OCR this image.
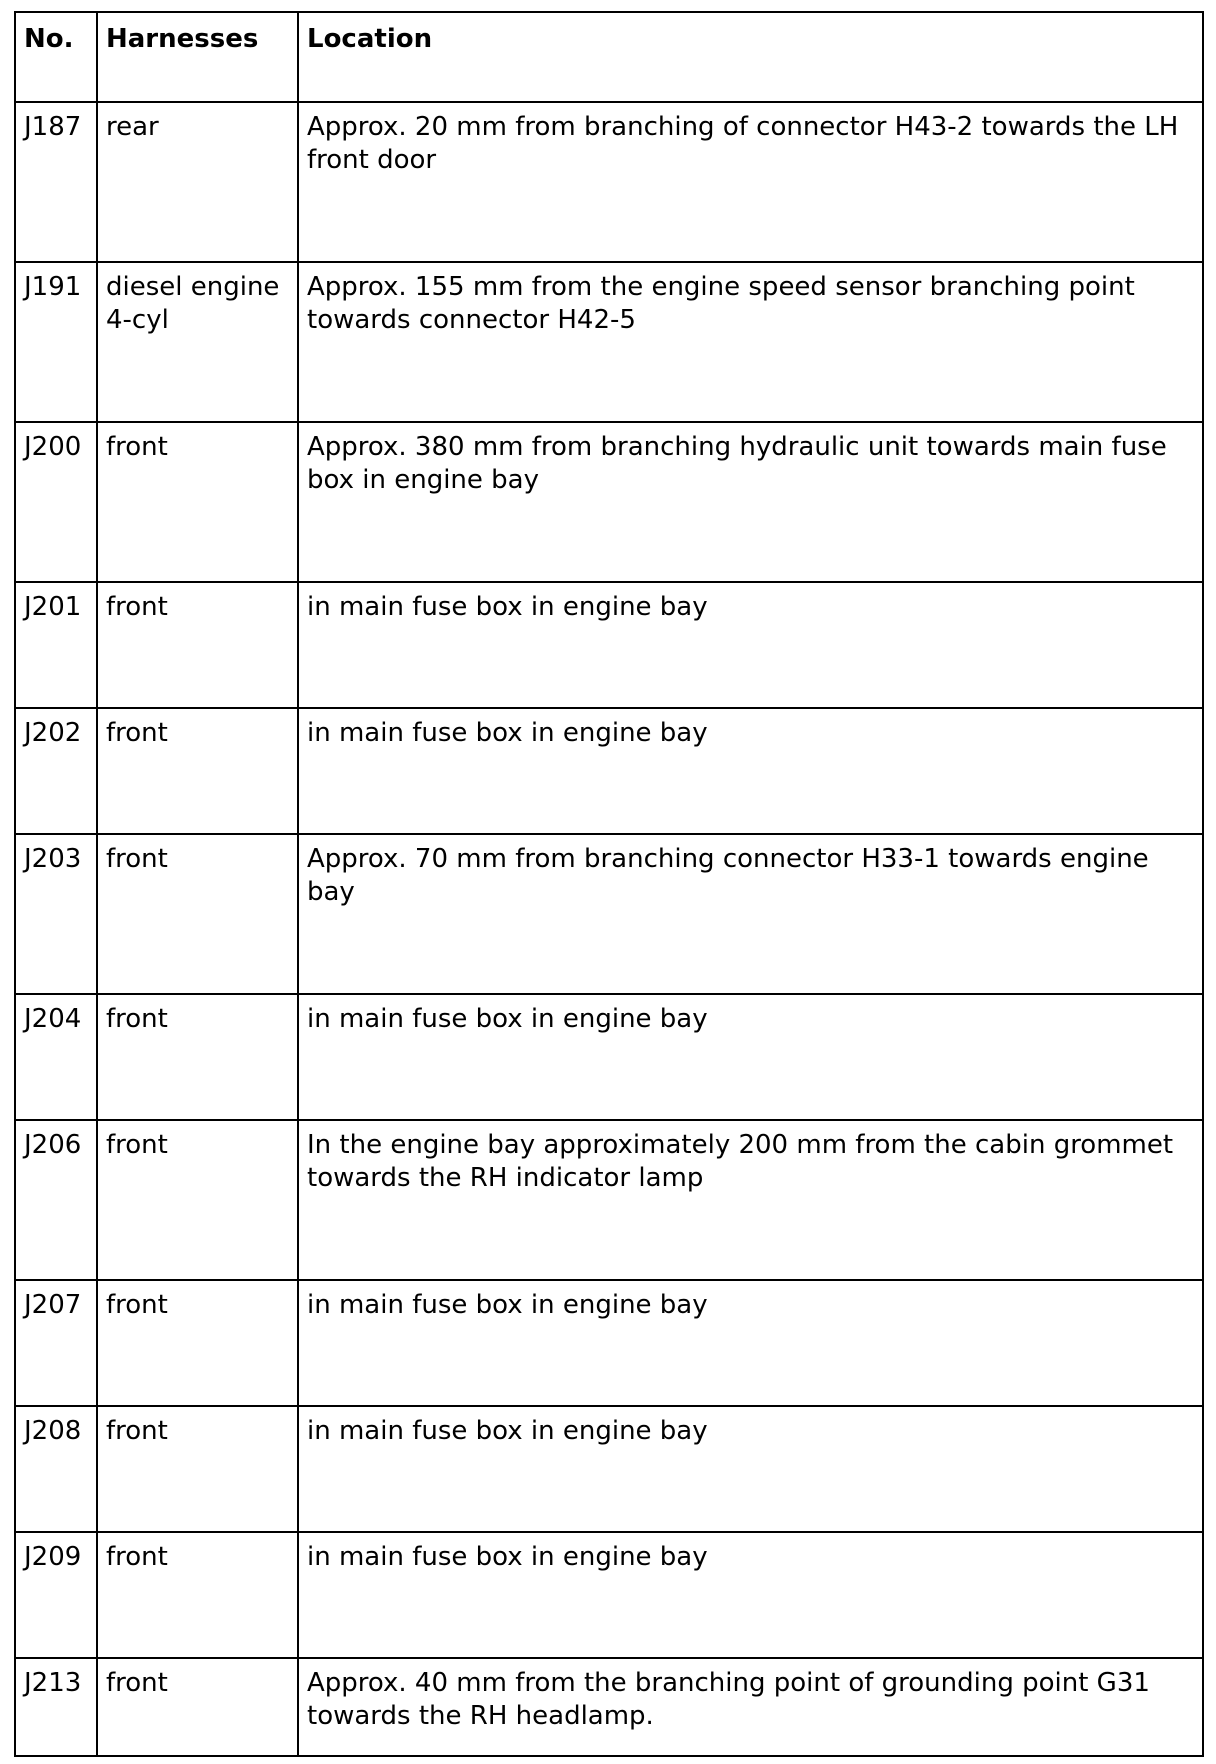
No.	Harnesses	Location
J187	rear	Approx. 20 mm from branching of connector H43-2 towards the LH front door
J191	diesel engine 4-cyl	Approx. 155 mm from the engine speed sensor branching point towards connector H42-5
J200	front	Approx. 380 mm from branching hydraulic unit towards main fuse box in engine bay
J201	front	in main fuse box in engine bay
J202	front	in main fuse box in engine bay
J203	front	Approx. 70 mm from branching connector H33-1 towards engine bay
J204	front	in main fuse box in engine bay
J206	front	In the engine bay approximately 200 mm from the cabin grommet towards the RH indicator lamp
J207	front	in main fuse box in engine bay
J208	front	in main fuse box in engine bay
J209	front	in main fuse box in engine bay
J213	front	Approx. 40 mm from the branching point of grounding point G31 towards the RH headlamp.
